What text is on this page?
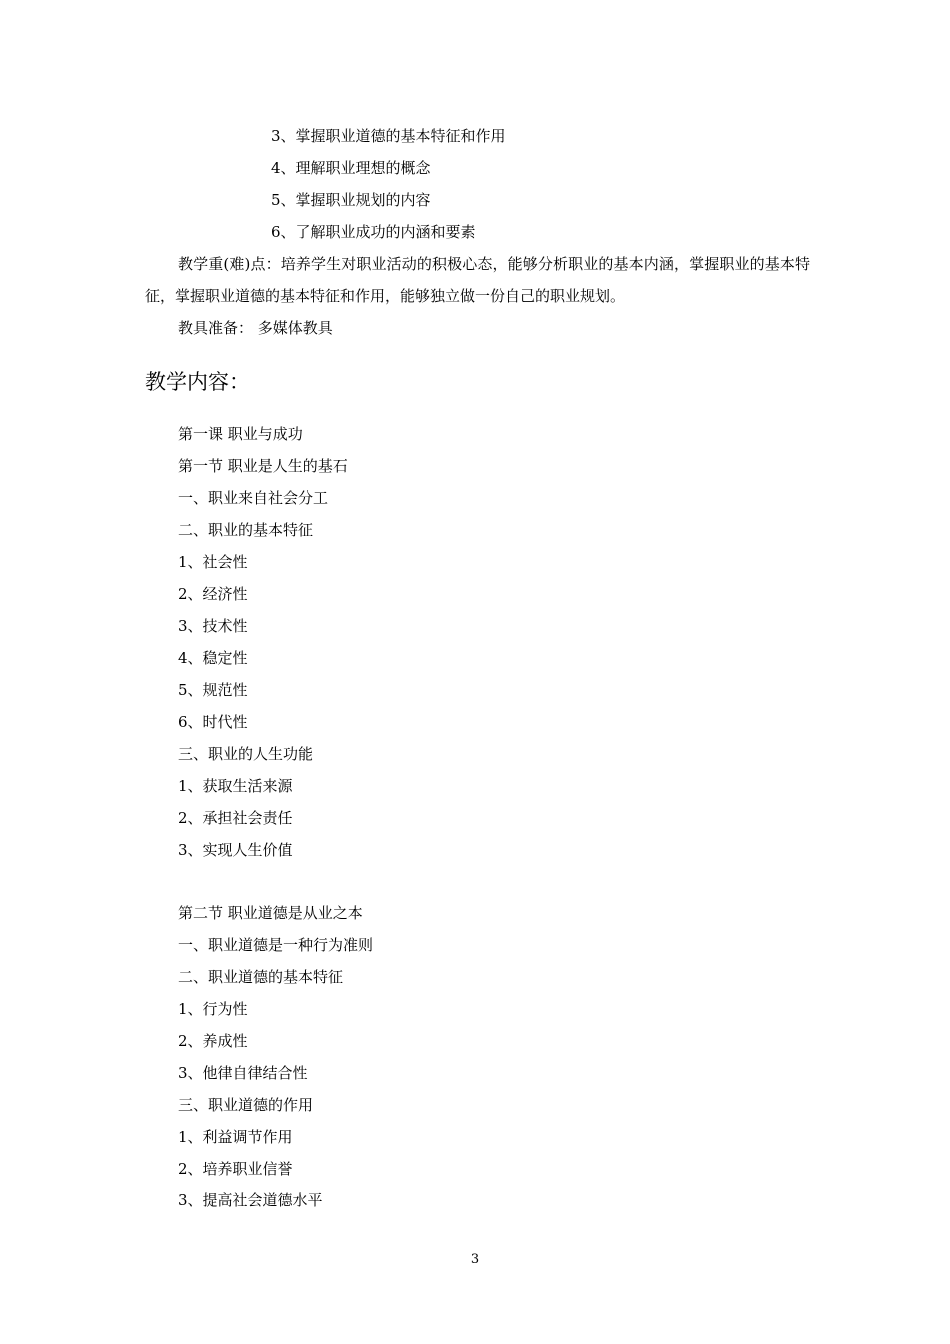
3、掌握职业道德的基本特征和作用
4、理解职业理想的概念
5、掌握职业规划的内容
6、了解职业成功的内涵和要素
教学重(难)点：培养学生对职业活动的积极心态，能够分析职业的基本内涵，掌握职业的基本特征，掌握职业道德的基本特征和作用，能够独立做一份自己的职业规划。
教具准备： 多媒体教具
教学内容：
第一课 职业与成功
第一节 职业是人生的基石
一、职业来自社会分工
二、职业的基本特征
1、社会性
2、经济性
3、技术性
4、稳定性
5、规范性
6、时代性
三、职业的人生功能
1、获取生活来源
2、承担社会责任
3、实现人生价值
第二节 职业道德是从业之本
一、职业道德是一种行为准则
二、职业道德的基本特征
1、行为性
2、养成性
3、他律自律结合性
三、职业道德的作用
1、利益调节作用
2、培养职业信誉
3、提高社会道德水平
3
